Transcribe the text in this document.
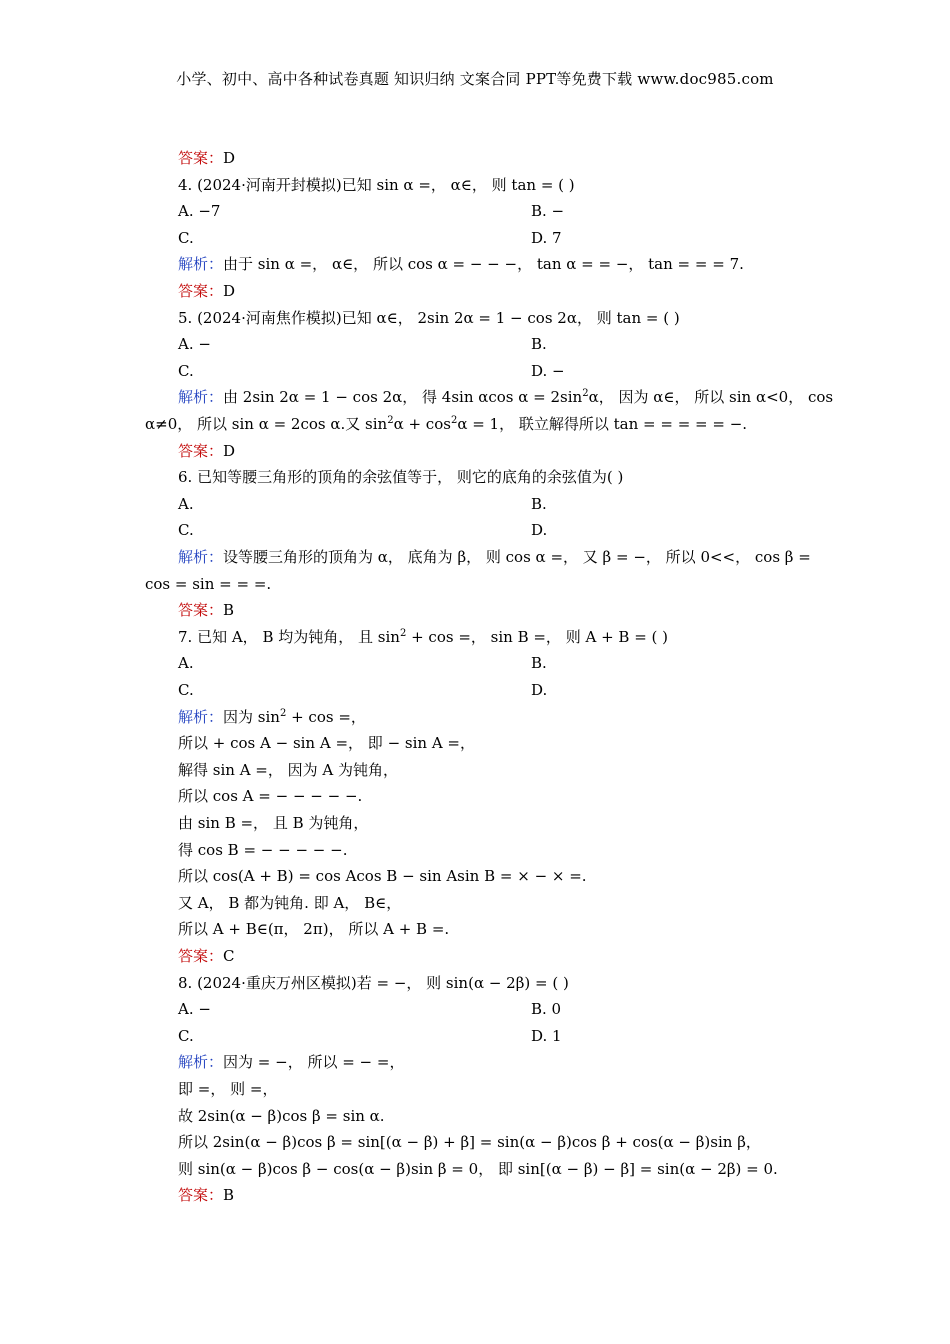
小学、初中、高中各种试卷真题 知识归纳 文案合同 PPT等免费下载 www.doc985.com
答案：D
4. (2024·河南开封模拟)已知 sin α =， α∈， 则 tan = ( )
A. −7	B. −
C.	D. 7
解析：由于 sin α =， α∈， 所以 cos α = − − −， tan α = = −， tan = = = 7.
答案：D
5. (2024·河南焦作模拟)已知 α∈， 2sin 2α = 1 − cos 2α， 则 tan = ( )
A. −	B.
C.	D. −
解析：由 2sin 2α = 1 − cos 2α， 得 4sin αcos $\alpha = 2\sin^2\alpha$， 因为 α∈， 所以 sin α<0， cos
α≠0， 所以 sin α = 2cos α.又 $\sin^2\alpha + \cos^2\alpha = 1$， 联立解得所以 tan = = = = = −.
答案：D
6. 已知等腰三角形的顶角的余弦值等于， 则它的底角的余弦值为( )
A.	B.
C.	D.
解析：设等腰三角形的顶角为 α， 底角为 β， 则 cos α =， 又 β = −， 所以 0<<， cos β =
cos = sin = = =.
答案：B
7. 已知 A， B 均为钝角， 且 $\sin^2 + \cos$ =， sin B =， 则 A + B = ( )
A.	B.
C.	D.
解析：因为 $\sin^2 + \cos$ =，
所以 + cos A − sin A =， 即 − sin A =，
解得 sin A =， 因为 A 为钝角，
所以 cos A = − − − − −.
由 sin B =， 且 B 为钝角，
得 cos B = − − − − −.
所以 cos(A + B) = cos Acos B − sin Asin B = × − × =.
又 A， B 都为钝角. 即 A， B∈，
所以 A + B∈(π， 2π)， 所以 A + B =.
答案：C
8. (2024·重庆万州区模拟)若 = −， 则 sin(α − 2β) = ( )
A. −	B. 0
C.	D. 1
解析：因为 = −， 所以 = − =，
即 =， 则 =，
故 2sin(α − β)cos β = sin α.
所以 2sin(α − β)cos β = sin[(α − β) + β] = sin(α − β)cos β + cos(α − β)sin β，
则 sin(α − β)cos β − cos(α − β)sin β = 0， 即 sin[(α − β) − β] = sin(α − 2β) = 0.
答案：B
